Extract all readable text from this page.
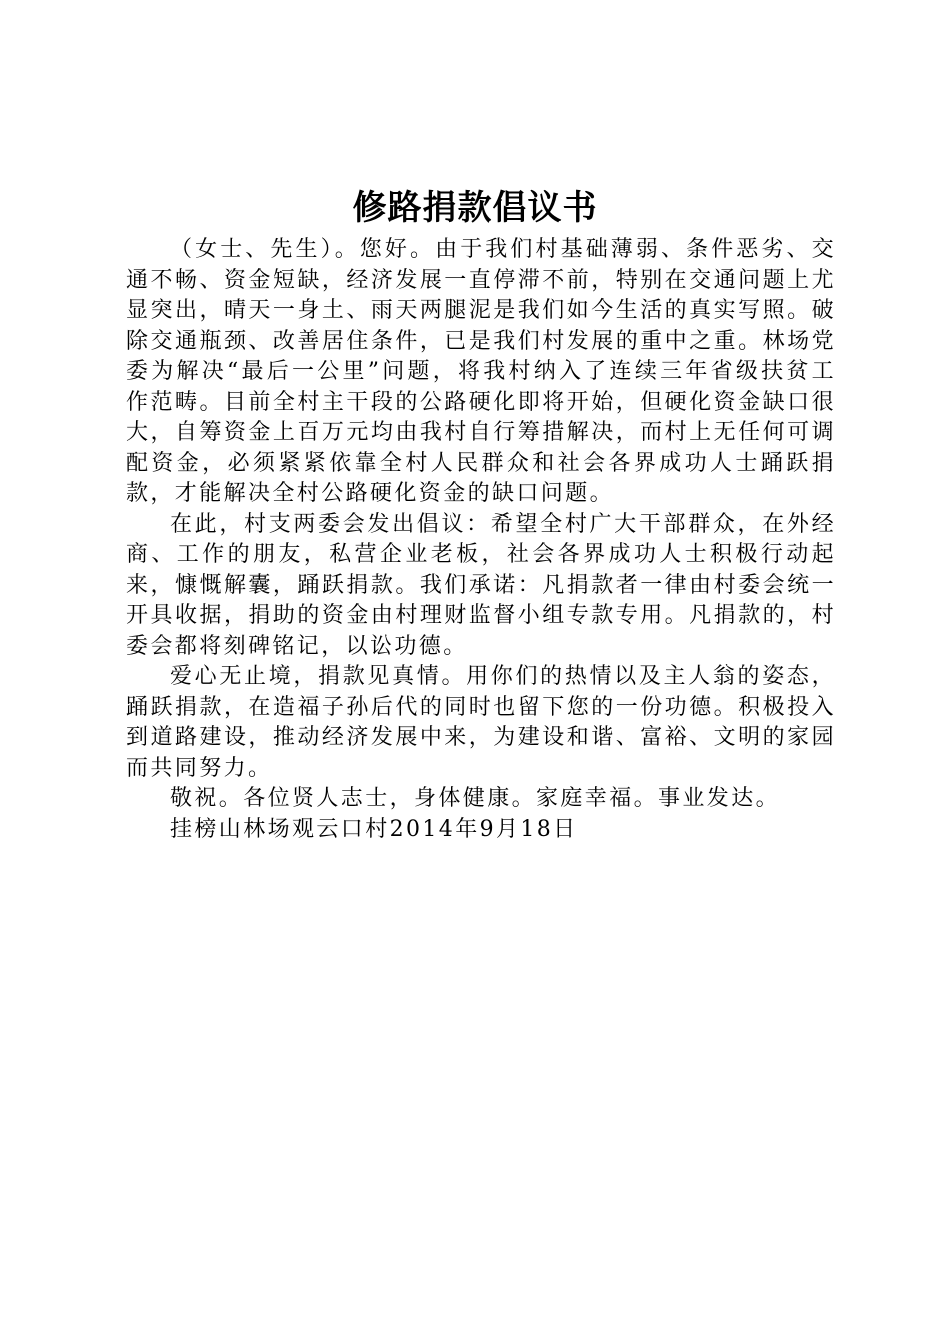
修路捐款倡议书

（女士、先生）。您好。由于我们村基础薄弱、条件恶劣、交通不畅、资金短缺，经济发展一直停滞不前，特别在交通问题上尤显突出，晴天一身土、雨天两腿泥是我们如今生活的真实写照。破除交通瓶颈、改善居住条件，已是我们村发展的重中之重。林场党委为解决“最后一公里”问题，将我村纳入了连续三年省级扶贫工作范畴。目前全村主干段的公路硬化即将开始，但硬化资金缺口很大，自筹资金上百万元均由我村自行筹措解决，而村上无任何可调配资金，必须紧紧依靠全村人民群众和社会各界成功人士踊跃捐款，才能解决全村公路硬化资金的缺口问题。

在此，村支两委会发出倡议：希望全村广大干部群众，在外经商、工作的朋友，私营企业老板，社会各界成功人士积极行动起来，慷慨解囊，踊跃捐款。我们承诺：凡捐款者一律由村委会统一开具收据，捐助的资金由村理财监督小组专款专用。凡捐款的，村委会都将刻碑铭记，以讼功德。

爱心无止境，捐款见真情。用你们的热情以及主人翁的姿态，踊跃捐款，在造福子孙后代的同时也留下您的一份功德。积极投入到道路建设，推动经济发展中来，为建设和谐、富裕、文明的家园而共同努力。

敬祝。各位贤人志士，身体健康。家庭幸福。事业发达。

挂榜山林场观云口村2014年9月18日
